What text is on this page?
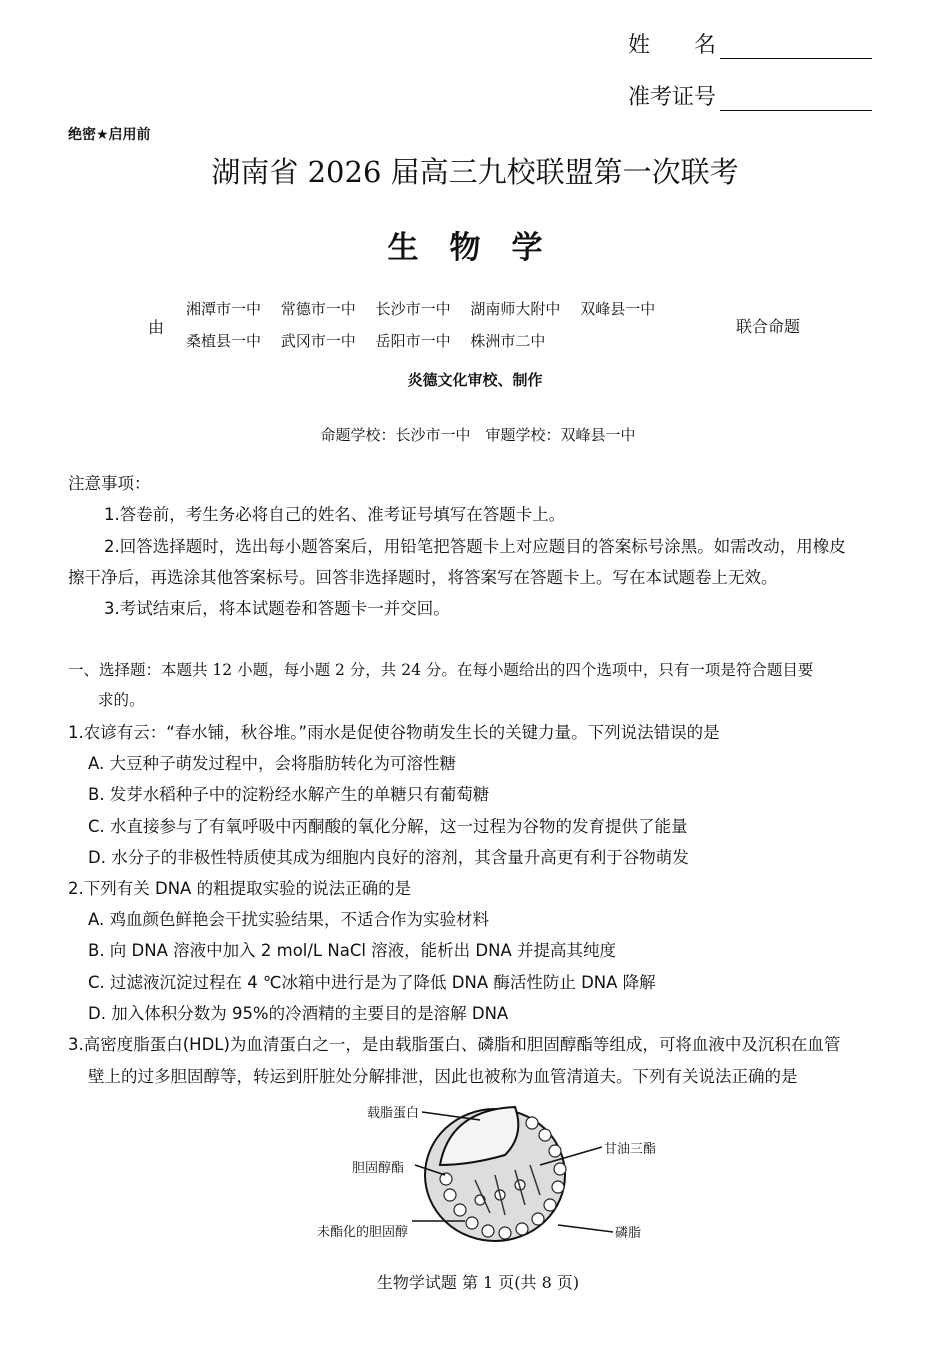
姓　　名
准考证号
绝密★启用前
湖南省 2026 届高三九校联盟第一次联考
生　物　学
由
湘潭市一中  常德市一中  长沙市一中  湖南师大附中  双峰县一中
桑植县一中  武冈市一中  岳阳市一中  株洲市二中
联合命题
炎德文化审校、制作
命题学校：长沙市一中　审题学校：双峰县一中
注意事项：
1.答卷前，考生务必将自己的姓名、准考证号填写在答题卡上。
2.回答选择题时，选出每小题答案后，用铅笔把答题卡上对应题目的答案标号涂黑。如需改动，用橡皮
擦干净后，再选涂其他答案标号。回答非选择题时，将答案写在答题卡上。写在本试题卷上无效。
3.考试结束后，将本试题卷和答题卡一并交回。
一、选择题：本题共 12 小题，每小题 2 分，共 24 分。在每小题给出的四个选项中，只有一项是符合题目要
求的。
1.农谚有云：“春水铺，秋谷堆。”雨水是促使谷物萌发生长的关键力量。下列说法错误的是
A. 大豆种子萌发过程中，会将脂肪转化为可溶性糖
B. 发芽水稻种子中的淀粉经水解产生的单糖只有葡萄糖
C. 水直接参与了有氧呼吸中丙酮酸的氧化分解，这一过程为谷物的发育提供了能量
D. 水分子的非极性特质使其成为细胞内良好的溶剂，其含量升高更有利于谷物萌发
2.下列有关 DNA 的粗提取实验的说法正确的是
A. 鸡血颜色鲜艳会干扰实验结果，不适合作为实验材料
B. 向 DNA 溶液中加入 2 mol/L NaCl 溶液，能析出 DNA 并提高其纯度
C. 过滤液沉淀过程在 4 ℃冰箱中进行是为了降低 DNA 酶活性防止 DNA 降解
D. 加入体积分数为 95%的冷酒精的主要目的是溶解 DNA
3.高密度脂蛋白(HDL)为血清蛋白之一，是由载脂蛋白、磷脂和胆固醇酯等组成，可将血液中及沉积在血管
壁上的过多胆固醇等，转运到肝脏处分解排泄，因此也被称为血管清道夫。下列有关说法正确的是
载脂蛋白
甘油三酯
胆固醇酯
未酯化的胆固醇	磷脂
生物学试题 第 1 页(共 8 页)
